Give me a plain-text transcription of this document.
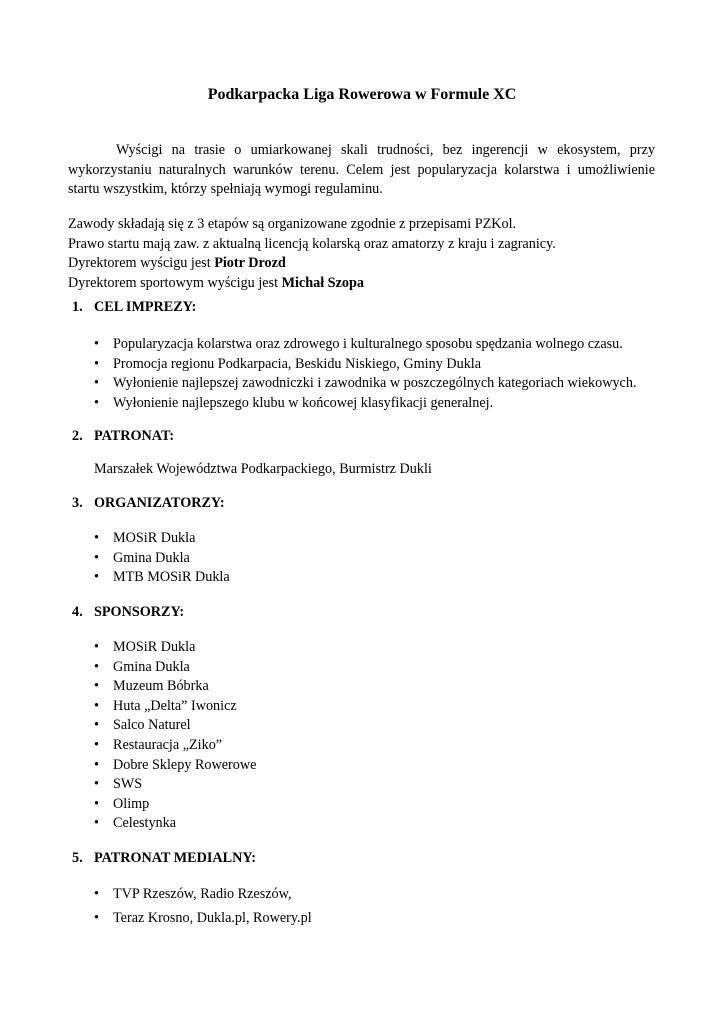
Podkarpacka Liga Rowerowa w Formule XC

Wyścigi na trasie o umiarkowanej skali trudności, bez ingerencji w ekosystem, przy wykorzystaniu naturalnych warunków terenu. Celem jest popularyzacja kolarstwa i umożliwienie startu wszystkim, którzy spełniają wymogi regulaminu.

Zawody składają się z 3 etapów są organizowane zgodnie z przepisami PZKol.
Prawo startu mają zaw. z aktualną licencją kolarską oraz amatorzy z kraju i zagranicy.
Dyrektorem wyścigu jest Piotr Drozd
Dyrektorem sportowym wyścigu jest Michał Szopa
1. CEL IMPREZY:
• Popularyzacja kolarstwa oraz zdrowego i kulturalnego sposobu spędzania wolnego czasu.
• Promocja regionu Podkarpacia, Beskidu Niskiego, Gminy Dukla
• Wyłonienie najlepszej zawodniczki i zawodnika w poszczególnych kategoriach wiekowych.
• Wyłonienie najlepszego klubu w końcowej klasyfikacji generalnej.
2. PATRONAT:
Marszałek Województwa Podkarpackiego, Burmistrz Dukli
3. ORGANIZATORZY:
• MOSiR Dukla
• Gmina Dukla
• MTB MOSiR Dukla
4. SPONSORZY:
• MOSiR Dukla
• Gmina Dukla
• Muzeum Bóbrka
• Huta „Delta” Iwonicz
• Salco Naturel
• Restauracja „Ziko”
• Dobre Sklepy Rowerowe
• SWS
• Olimp
• Celestynka
5. PATRONAT MEDIALNY:
• TVP Rzeszów, Radio Rzeszów,
• Teraz Krosno, Dukla.pl, Rowery.pl
